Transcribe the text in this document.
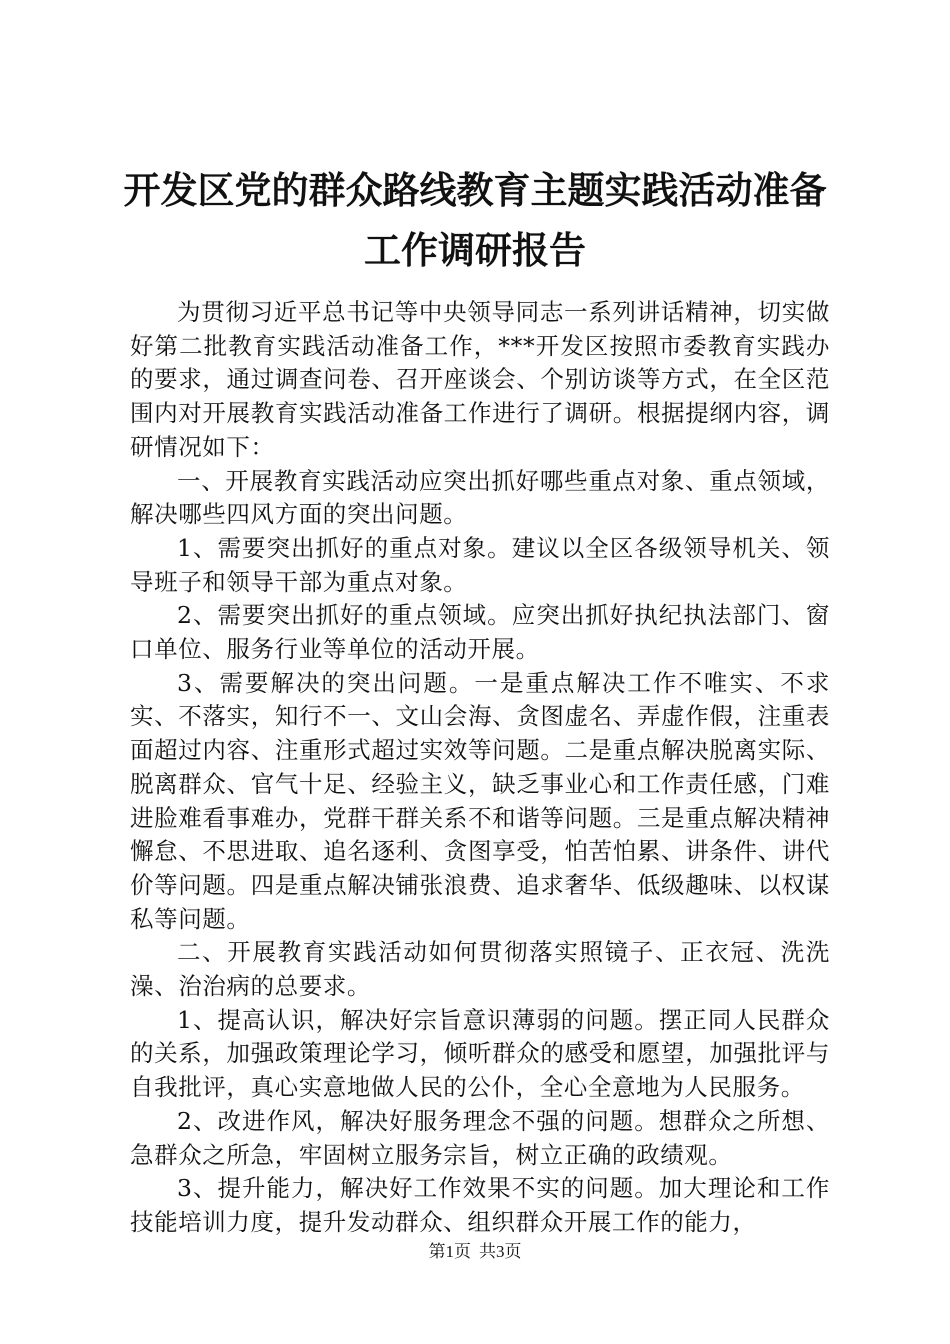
开发区党的群众路线教育主题实践活动准备工作调研报告

为贯彻习近平总书记等中央领导同志一系列讲话精神，切实做好第二批教育实践活动准备工作，***开发区按照市委教育实践办的要求，通过调查问卷、召开座谈会、个别访谈等方式，在全区范围内对开展教育实践活动准备工作进行了调研。根据提纲内容，调研情况如下：

一、开展教育实践活动应突出抓好哪些重点对象、重点领域，解决哪些四风方面的突出问题。

1、需要突出抓好的重点对象。建议以全区各级领导机关、领导班子和领导干部为重点对象。

2、需要突出抓好的重点领域。应突出抓好执纪执法部门、窗口单位、服务行业等单位的活动开展。

3、需要解决的突出问题。一是重点解决工作不唯实、不求实、不落实，知行不一、文山会海、贪图虚名、弄虚作假，注重表面超过内容、注重形式超过实效等问题。二是重点解决脱离实际、脱离群众、官气十足、经验主义，缺乏事业心和工作责任感，门难进脸难看事难办，党群干群关系不和谐等问题。三是重点解决精神懈怠、不思进取、追名逐利、贪图享受，怕苦怕累、讲条件、讲代价等问题。四是重点解决铺张浪费、追求奢华、低级趣味、以权谋私等问题。

二、开展教育实践活动如何贯彻落实照镜子、正衣冠、洗洗澡、治治病的总要求。

1、提高认识，解决好宗旨意识薄弱的问题。摆正同人民群众的关系，加强政策理论学习，倾听群众的感受和愿望，加强批评与自我批评，真心实意地做人民的公仆，全心全意地为人民服务。

2、改进作风，解决好服务理念不强的问题。想群众之所想、急群众之所急，牢固树立服务宗旨，树立正确的政绩观。

3、提升能力，解决好工作效果不实的问题。加大理论和工作技能培训力度，提升发动群众、组织群众开展工作的能力，

第1页 共3页
